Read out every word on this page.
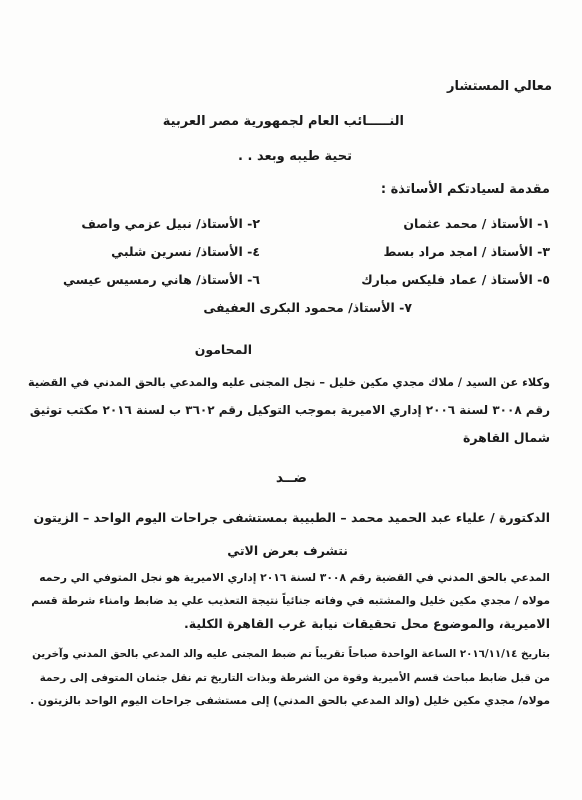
معالي المستشار
النـــــائب العام لجمهورية مصر العربية
تحية طيبه وبعد . .
مقدمة لسيادتكم الأساتذة :
١- الأستاذ / محمد عثمان
٢- الأستاذ/ نبيل عزمي واصف
٣- الأستاذ / امجد مراد بسط
٤- الأستاذ/ نسرين شلبي
٥- الأستاذ / عماد فليكس مبارك
٦- الأستاذ/ هاني رمسيس عيسي
٧- الأستاذ/ محمود البكرى العفيفى
المحامون
وكلاء عن السيد / ملاك مجدي مكين خليل – نجل المجنى عليه والمدعي بالحق المدني في القضية
رقم ٣٠٠٨ لسنة ٢٠٠٦ إداري الاميرية بموجب التوكيل رقم ٣٦٠٢ ب لسنة ٢٠١٦ مكتب توثيق
شمال القاهرة
ضــد
الدكتورة / علياء عبد الحميد محمد – الطبيبة بمستشفى جراحات اليوم الواحد – الزيتون
نتشرف بعرض الاتي
المدعي بالحق المدني في القضية رقم ٣٠٠٨ لسنة ٢٠١٦ إداري الاميرية هو نجل المتوفي الي رحمه
مولاه / مجدي مكين خليل والمشتبه في وفاته جنائياً نتيجة التعذيب علي يد ضابط وامناء شرطة قسم
الاميرية، والموضوع محل تحقيقات نيابة غرب القاهرة الكلية.
بتاريخ ٢٠١٦/١١/١٤ الساعة الواحدة صباحاً تقريباً تم ضبط المجنى عليه والد المدعي بالحق المدني وآخرين
من قبل ضابط مباحث قسم الأميرية وقوة من الشرطة وبذات التاريخ تم نقل جثمان المتوفى إلى رحمة
مولاه/ مجدي مكين خليل (والد المدعي بالحق المدني) إلى مستشفى جراحات اليوم الواحد بالزيتون .
